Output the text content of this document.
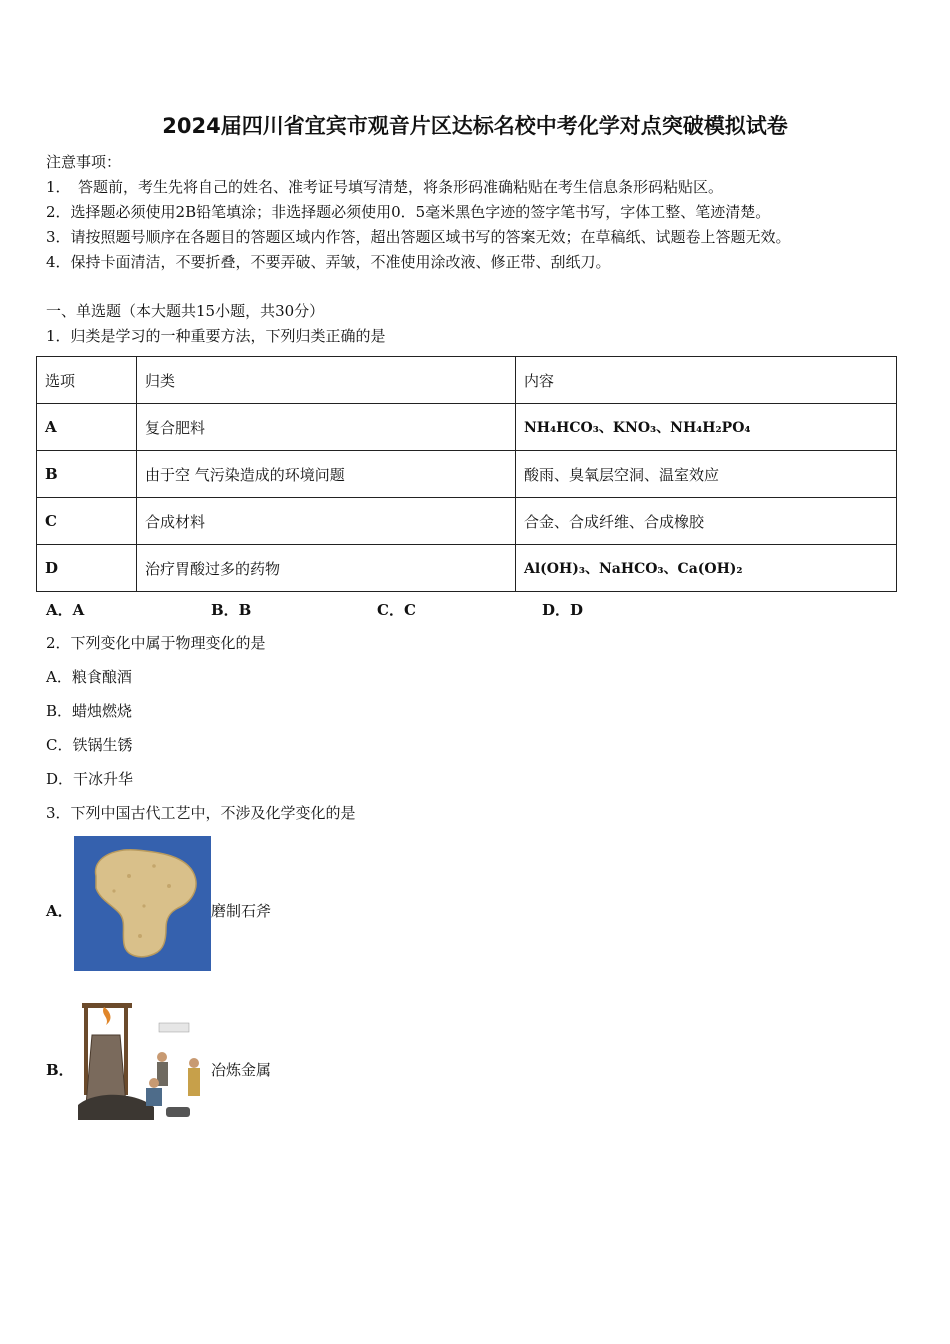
2024届四川省宜宾市观音片区达标名校中考化学对点突破模拟试卷
注意事项：
1．　答题前，考生先将自己的姓名、准考证号填写清楚，将条形码准确粘贴在考生信息条形码粘贴区。
2．选择题必须使用2B铅笔填涂；非选择题必须使用0．5毫米黑色字迹的签字笔书写，字体工整、笔迹清楚。
3．请按照题号顺序在各题目的答题区域内作答，超出答题区域书写的答案无效；在草稿纸、试题卷上答题无效。
4．保持卡面清洁，不要折叠，不要弄破、弄皱，不准使用涂改液、修正带、刮纸刀。
一、单选题（本大题共15小题，共30分）
1．归类是学习的一种重要方法，下列归类正确的是
选项	归类	内容
A	复合肥料	NH₄HCO₃、KNO₃、NH₄H₂PO₄
B	由于空 气污染造成的环境问题	酸雨、臭氧层空洞、温室效应
C	合成材料	合金、合成纤维、合成橡胶
D	治疗胃酸过多的药物	Al(OH)₃、NaHCO₃、Ca(OH)₂
A．A	B．B	C．C	D．D
2．下列变化中属于物理变化的是
A．粮食酿酒
B．蜡烛燃烧
C．铁锅生锈
D．干冰升华
3．下列中国古代工艺中，不涉及化学变化的是
A．	磨制石斧
B．	冶炼金属
